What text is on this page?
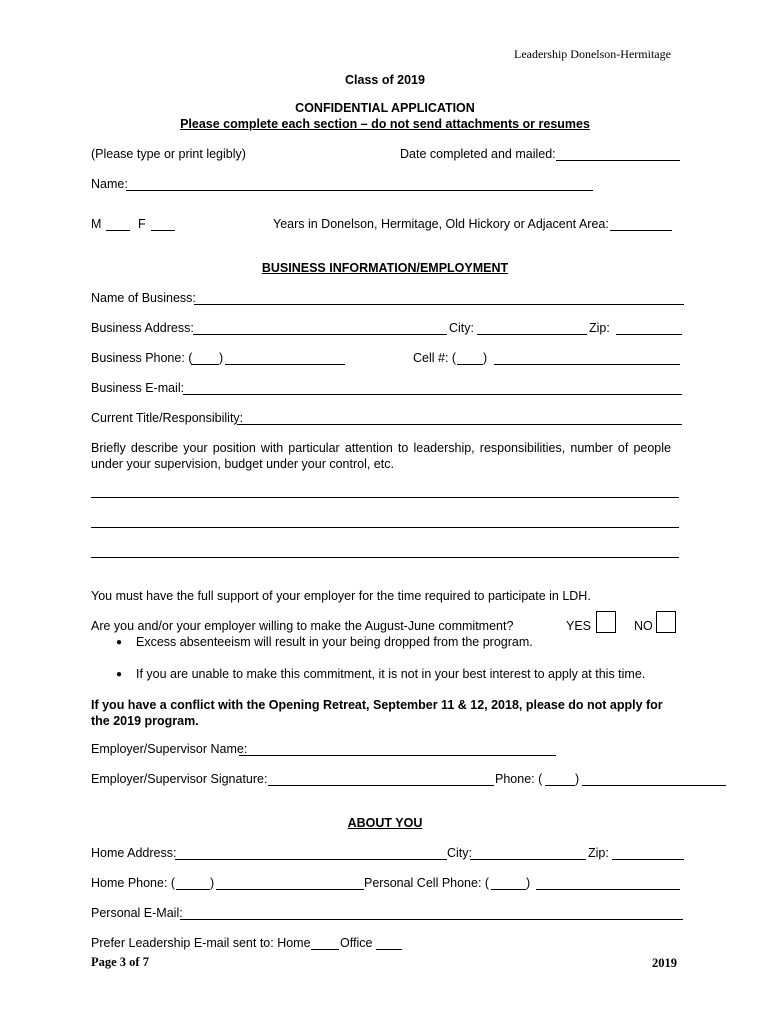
Leadership Donelson-Hermitage
Class of 2019
CONFIDENTIAL APPLICATION
Please complete each section – do not send attachments or resumes
(Please type or print legibly)	Date completed and mailed:
Name:
M	F	Years in Donelson, Hermitage, Old Hickory or Adjacent Area:
BUSINESS INFORMATION/EMPLOYMENT
Name of Business:
Business Address:	City:	Zip:
Business Phone: ( )	Cell #: ( )
Business E-mail:
Current Title/Responsibility:
Briefly describe your position with particular attention to leadership, responsibilities, number of people under your supervision, budget under your control, etc.
You must have the full support of your employer for the time required to participate in LDH.
Are you and/or your employer willing to make the August-June commitment?	YES	NO
● Excess absenteeism will result in your being dropped from the program.
● If you are unable to make this commitment, it is not in your best interest to apply at this time.
If you have a conflict with the Opening Retreat, September 11 & 12, 2018, please do not apply for the 2019 program.
Employer/Supervisor Name:
Employer/Supervisor Signature:	Phone: (	)
ABOUT YOU
Home Address:	City:	Zip:
Home Phone: (	)	Personal Cell Phone: (	)
Personal E-Mail:
Prefer Leadership E-mail sent to: Home Office
Page 3 of 7	2019
